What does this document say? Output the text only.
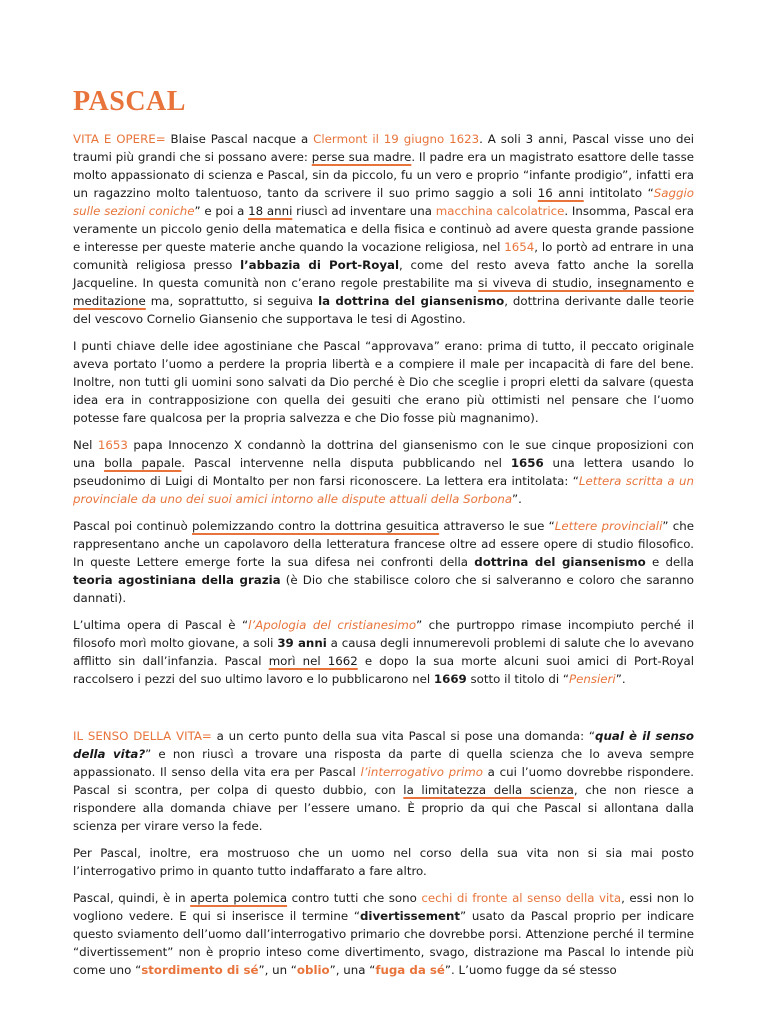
PASCAL

VITA E OPERE= Blaise Pascal nacque a Clermont il 19 giugno 1623. A soli 3 anni, Pascal visse uno dei traumi più grandi che si possano avere: perse sua madre. Il padre era un magistrato esattore delle tasse molto appassionato di scienza e Pascal, sin da piccolo, fu un vero e proprio “infante prodigio”, infatti era un ragazzino molto talentuoso, tanto da scrivere il suo primo saggio a soli 16 anni intitolato “Saggio sulle sezioni coniche” e poi a 18 anni riuscì ad inventare una macchina calcolatrice. Insomma, Pascal era veramente un piccolo genio della matematica e della fisica e continuò ad avere questa grande passione e interesse per queste materie anche quando la vocazione religiosa, nel 1654, lo portò ad entrare in una comunità religiosa presso l’abbazia di Port-Royal, come del resto aveva fatto anche la sorella Jacqueline. In questa comunità non c’erano regole prestabilite ma si viveva di studio, insegnamento e meditazione ma, soprattutto, si seguiva la dottrina del giansenismo, dottrina derivante dalle teorie del vescovo Cornelio Giansenio che supportava le tesi di Agostino.

I punti chiave delle idee agostiniane che Pascal “approvava” erano: prima di tutto, il peccato originale aveva portato l’uomo a perdere la propria libertà e a compiere il male per incapacità di fare del bene. Inoltre, non tutti gli uomini sono salvati da Dio perché è Dio che sceglie i propri eletti da salvare (questa idea era in contrapposizione con quella dei gesuiti che erano più ottimisti nel pensare che l’uomo potesse fare qualcosa per la propria salvezza e che Dio fosse più magnanimo).

Nel 1653 papa Innocenzo X condannò la dottrina del giansenismo con le sue cinque proposizioni con una bolla papale. Pascal intervenne nella disputa pubblicando nel 1656 una lettera usando lo pseudonimo di Luigi di Montalto per non farsi riconoscere. La lettera era intitolata: “Lettera scritta a un provinciale da uno dei suoi amici intorno alle dispute attuali della Sorbona”.

Pascal poi continuò polemizzando contro la dottrina gesuitica attraverso le sue “Lettere provinciali” che rappresentano anche un capolavoro della letteratura francese oltre ad essere opere di studio filosofico. In queste Lettere emerge forte la sua difesa nei confronti della dottrina del giansenismo e della teoria agostiniana della grazia (è Dio che stabilisce coloro che si salveranno e coloro che saranno dannati).

L’ultima opera di Pascal è “l’Apologia del cristianesimo” che purtroppo rimase incompiuto perché il filosofo morì molto giovane, a soli 39 anni a causa degli innumerevoli problemi di salute che lo avevano afflitto sin dall’infanzia. Pascal morì nel 1662 e dopo la sua morte alcuni suoi amici di Port-Royal raccolsero i pezzi del suo ultimo lavoro e lo pubblicarono nel 1669 sotto il titolo di “Pensieri”.

IL SENSO DELLA VITA= a un certo punto della sua vita Pascal si pose una domanda: “qual è il senso della vita?” e non riuscì a trovare una risposta da parte di quella scienza che lo aveva sempre appassionato. Il senso della vita era per Pascal l’interrogativo primo a cui l’uomo dovrebbe rispondere. Pascal si scontra, per colpa di questo dubbio, con la limitatezza della scienza, che non riesce a rispondere alla domanda chiave per l’essere umano. È proprio da qui che Pascal si allontana dalla scienza per virare verso la fede.

Per Pascal, inoltre, era mostruoso che un uomo nel corso della sua vita non si sia mai posto l’interrogativo primo in quanto tutto indaffarato a fare altro.

Pascal, quindi, è in aperta polemica contro tutti che sono cechi di fronte al senso della vita, essi non lo vogliono vedere. E qui si inserisce il termine “divertissement” usato da Pascal proprio per indicare questo sviamento dell’uomo dall’interrogativo primario che dovrebbe porsi. Attenzione perché il termine “divertissement” non è proprio inteso come divertimento, svago, distrazione ma Pascal lo intende più come uno “stordimento di sé”, un “oblio”, una “fuga da sé”. L’uomo fugge da sé stesso
